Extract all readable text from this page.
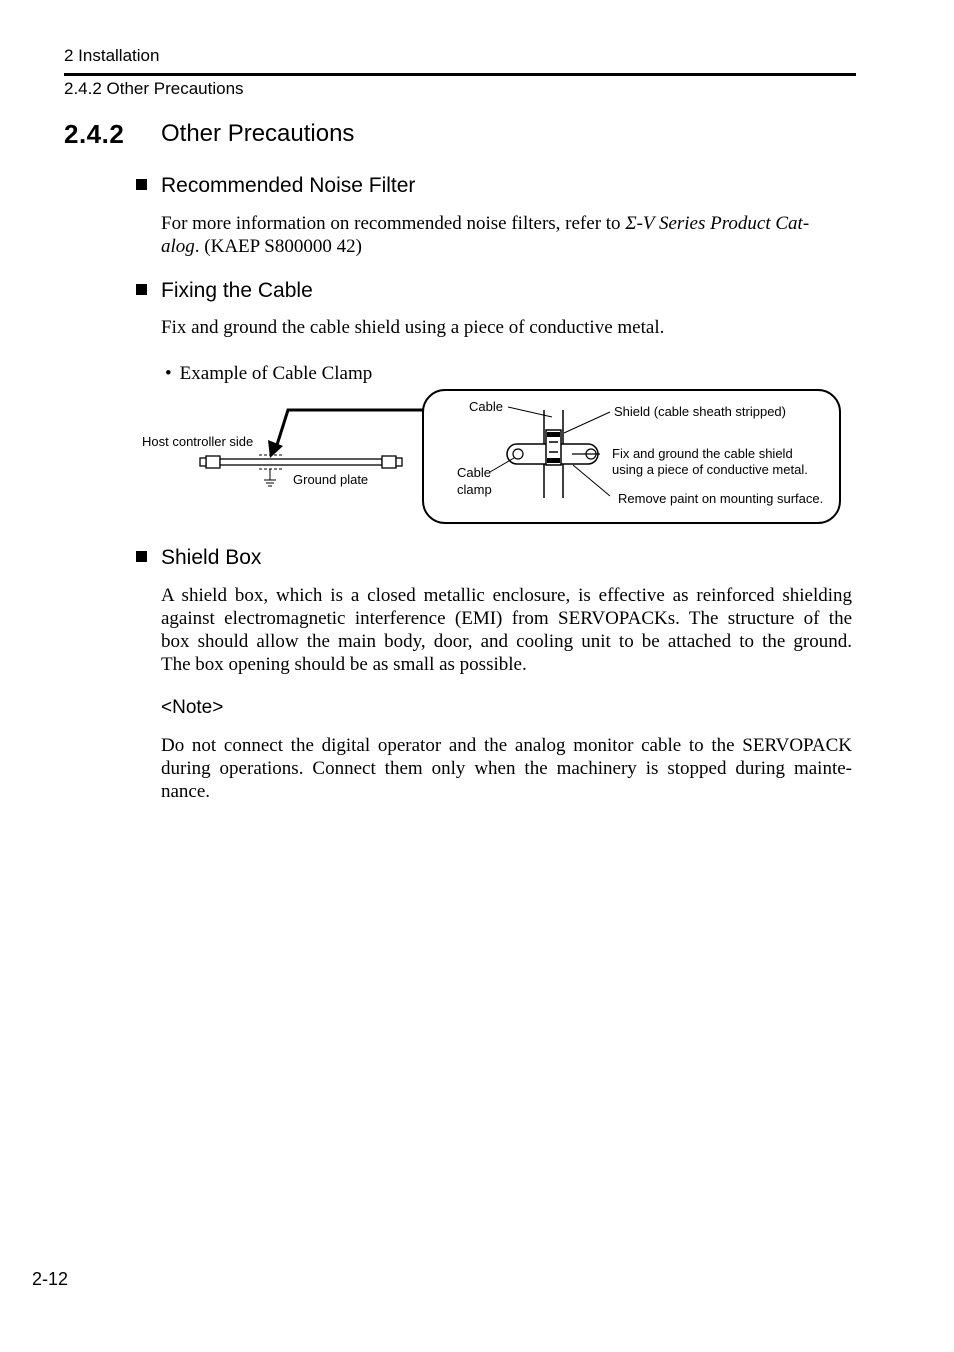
2 Installation
2.4.2 Other Precautions
2.4.2 Other Precautions
Recommended Noise Filter
For more information on recommended noise filters, refer to Σ-V Series Product Cat-
alog. (KAEP S800000 42)
Fixing the Cable
Fix and ground the cable shield using a piece of conductive metal.
• Example of Cable Clamp
Host controller side
Ground plate
Cable	Shield (cable sheath stripped)
Cable
clamp
Fix and ground the cable shield
using a piece of conductive metal.
Remove paint on mounting surface.
Shield Box
A shield box, which is a closed metallic enclosure, is effective as reinforced shielding
against electromagnetic interference (EMI) from SERVOPACKs. The structure of the
box should allow the main body, door, and cooling unit to be attached to the ground.
The box opening should be as small as possible.
<Note>
Do not connect the digital operator and the analog monitor cable to the SERVOPACK
during operations. Connect them only when the machinery is stopped during mainte-
nance.
2-12
